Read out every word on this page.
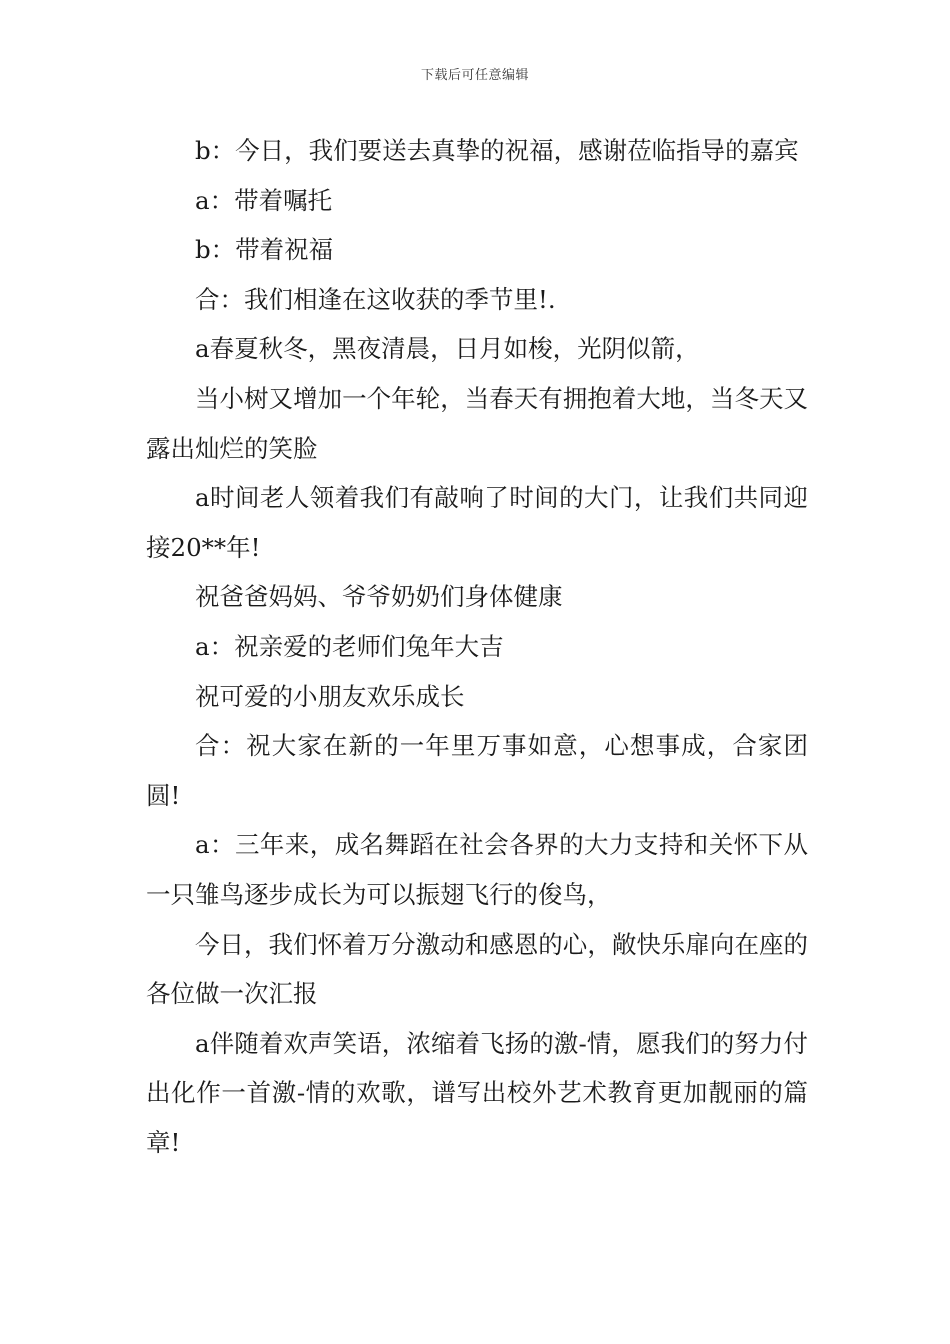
下载后可任意编辑

b：今日，我们要送去真挚的祝福，感谢莅临指导的嘉宾

a：带着嘱托

b：带着祝福

合：我们相逢在这收获的季节里!.

a春夏秋冬，黑夜清晨，日月如梭，光阴似箭，

当小树又增加一个年轮，当春天有拥抱着大地，当冬天又露出灿烂的笑脸

a时间老人领着我们有敲响了时间的大门，让我们共同迎接20**年!

祝爸爸妈妈、爷爷奶奶们身体健康

a：祝亲爱的老师们兔年大吉

祝可爱的小朋友欢乐成长

合：祝大家在新的一年里万事如意，心想事成，合家团圆!

a：三年来，成名舞蹈在社会各界的大力支持和关怀下从一只雏鸟逐步成长为可以振翅飞行的俊鸟，

今日，我们怀着万分激动和感恩的心，敞快乐扉向在座的各位做一次汇报

a伴随着欢声笑语，浓缩着飞扬的激-情，愿我们的努力付出化作一首激-情的欢歌，谱写出校外艺术教育更加靓丽的篇章!
